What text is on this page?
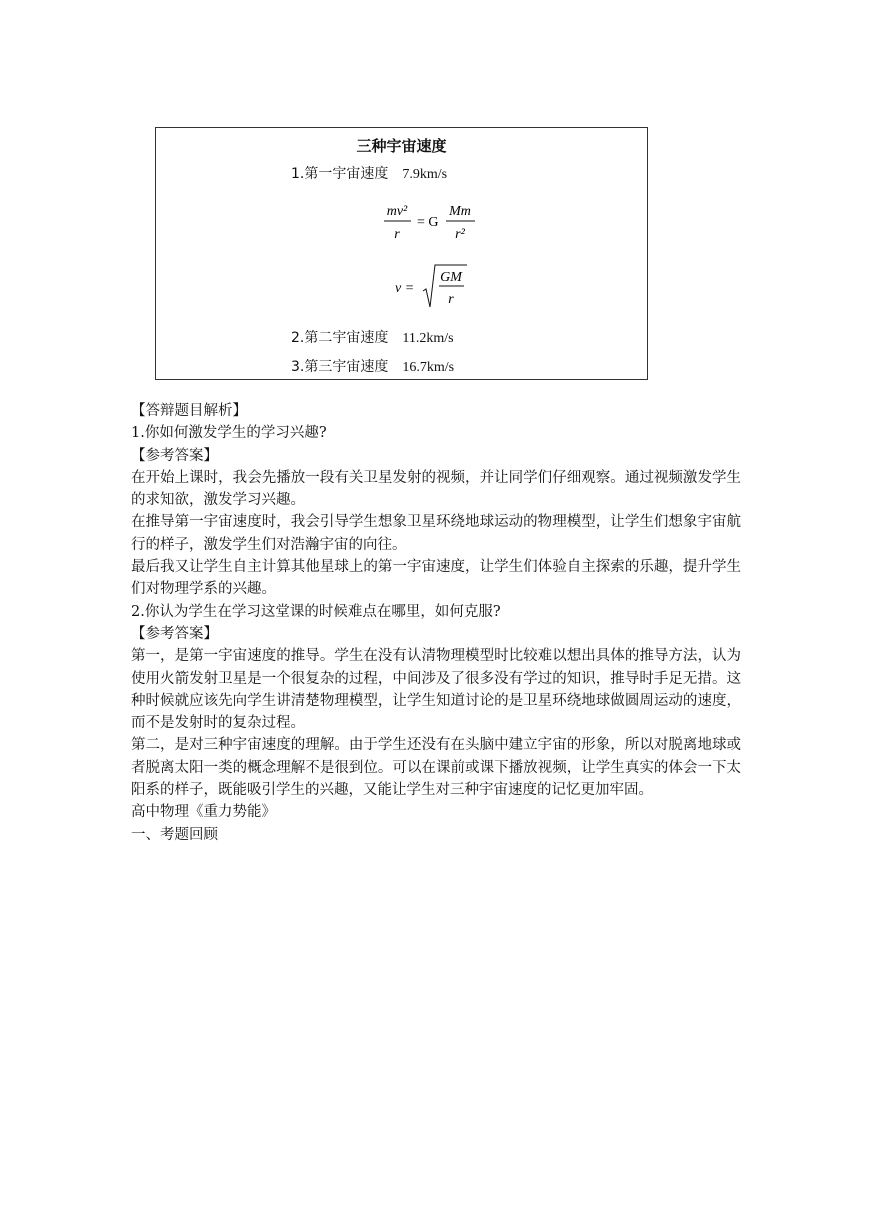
三种宇宙速度
1.第一宇宙速度 7.9km/s
mv²
r
= G
Mm
r²
v =
GM
r
2.第二宇宙速度 11.2km/s
3.第三宇宙速度 16.7km/s

【答辩题目解析】

1.你如何激发学生的学习兴趣?

【参考答案】

在开始上课时，我会先播放一段有关卫星发射的视频，并让同学们仔细观察。通过视频激发学生的求知欲，激发学习兴趣。

在推导第一宇宙速度时，我会引导学生想象卫星环绕地球运动的物理模型，让学生们想象宇宙航行的样子，激发学生们对浩瀚宇宙的向往。

最后我又让学生自主计算其他星球上的第一宇宙速度，让学生们体验自主探索的乐趣，提升学生们对物理学系的兴趣。

2.你认为学生在学习这堂课的时候难点在哪里，如何克服?

【参考答案】

第一，是第一宇宙速度的推导。学生在没有认清物理模型时比较难以想出具体的推导方法，认为使用火箭发射卫星是一个很复杂的过程，中间涉及了很多没有学过的知识，推导时手足无措。这种时候就应该先向学生讲清楚物理模型，让学生知道讨论的是卫星环绕地球做圆周运动的速度，而不是发射时的复杂过程。

第二，是对三种宇宙速度的理解。由于学生还没有在头脑中建立宇宙的形象，所以对脱离地球或者脱离太阳一类的概念理解不是很到位。可以在课前或课下播放视频，让学生真实的体会一下太阳系的样子，既能吸引学生的兴趣，又能让学生对三种宇宙速度的记忆更加牢固。

高中物理《重力势能》

一、考题回顾
